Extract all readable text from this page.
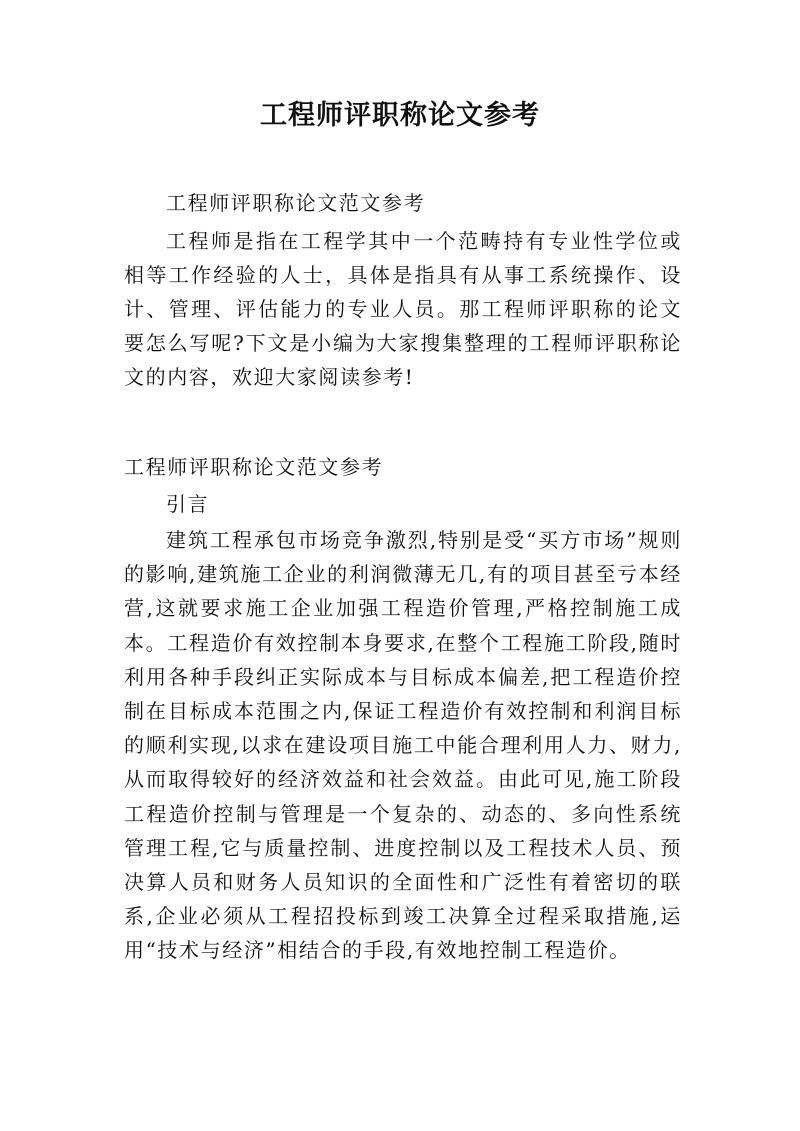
工程师评职称论文参考

工程师评职称论文范文参考

工程师是指在工程学其中一个范畴持有专业性学位或相等工作经验的人士，具体是指具有从事工系统操作、设计、管理、评估能力的专业人员。那工程师评职称的论文要怎么写呢?下文是小编为大家搜集整理的工程师评职称论文的内容，欢迎大家阅读参考!

工程师评职称论文范文参考

引言

建筑工程承包市场竞争激烈,特别是受“买方市场”规则的影响,建筑施工企业的利润微薄无几,有的项目甚至亏本经营,这就要求施工企业加强工程造价管理,严格控制施工成本。工程造价有效控制本身要求,在整个工程施工阶段,随时利用各种手段纠正实际成本与目标成本偏差,把工程造价控制在目标成本范围之内,保证工程造价有效控制和利润目标的顺利实现,以求在建设项目施工中能合理利用人力、财力,从而取得较好的经济效益和社会效益。由此可见,施工阶段工程造价控制与管理是一个复杂的、动态的、多向性系统管理工程,它与质量控制、进度控制以及工程技术人员、预决算人员和财务人员知识的全面性和广泛性有着密切的联系,企业必须从工程招投标到竣工决算全过程采取措施,运用“技术与经济”相结合的手段,有效地控制工程造价。
